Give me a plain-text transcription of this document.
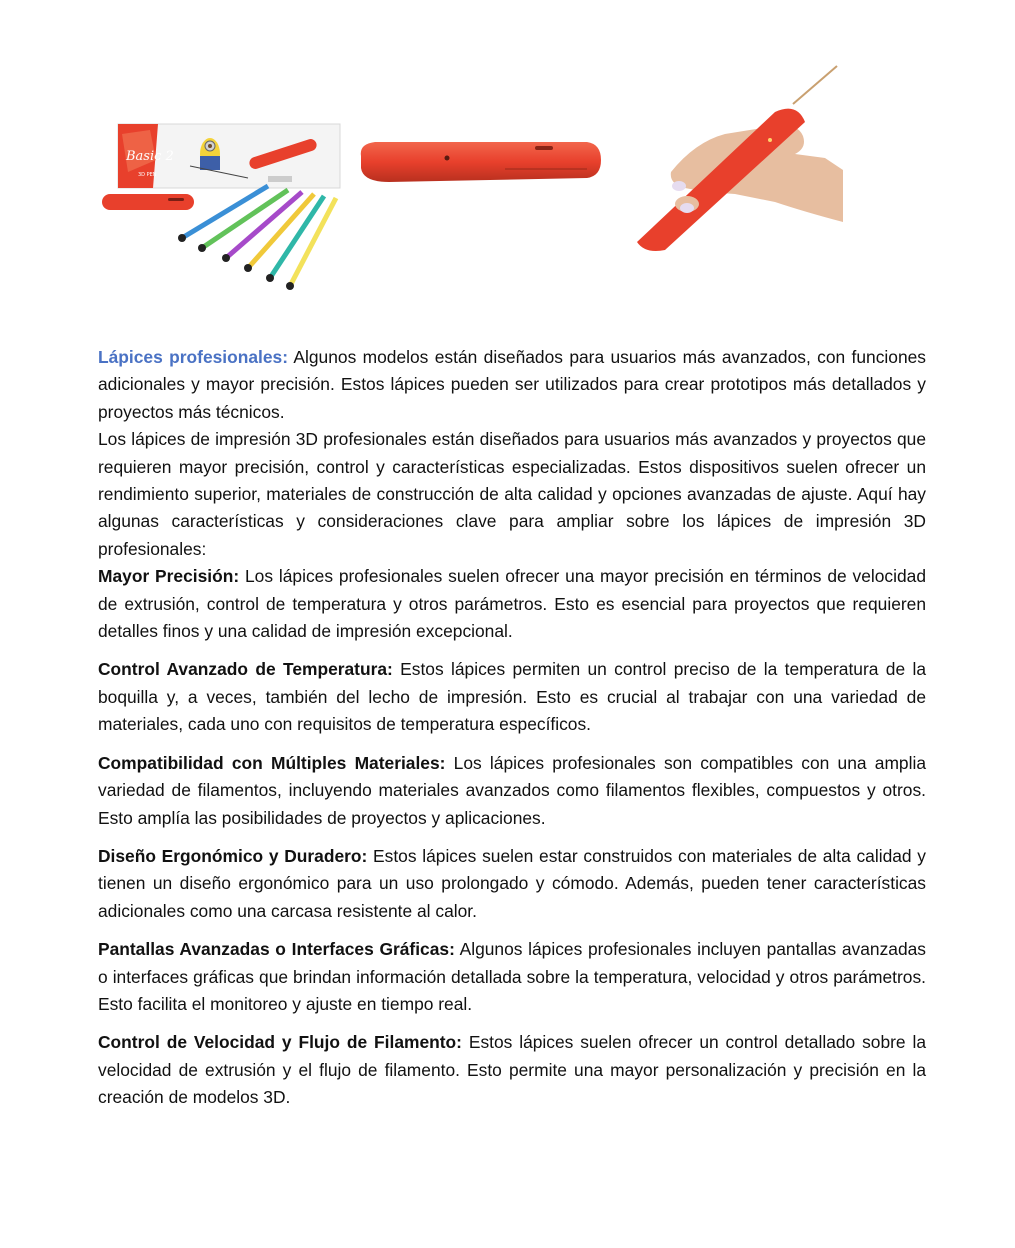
Basic 2
3D PEN

Lápices profesionales: Algunos modelos están diseñados para usuarios más avanzados, con funciones adicionales y mayor precisión. Estos lápices pueden ser utilizados para crear prototipos más detallados y proyectos más técnicos.

Los lápices de impresión 3D profesionales están diseñados para usuarios más avanzados y proyectos que requieren mayor precisión, control y características especializadas. Estos dispositivos suelen ofrecer un rendimiento superior, materiales de construcción de alta calidad y opciones avanzadas de ajuste. Aquí hay algunas características y consideraciones clave para ampliar sobre los lápices de impresión 3D profesionales:

Mayor Precisión: Los lápices profesionales suelen ofrecer una mayor precisión en términos de velocidad de extrusión, control de temperatura y otros parámetros. Esto es esencial para proyectos que requieren detalles finos y una calidad de impresión excepcional.

Control Avanzado de Temperatura: Estos lápices permiten un control preciso de la temperatura de la boquilla y, a veces, también del lecho de impresión. Esto es crucial al trabajar con una variedad de materiales, cada uno con requisitos de temperatura específicos.

Compatibilidad con Múltiples Materiales: Los lápices profesionales son compatibles con una amplia variedad de filamentos, incluyendo materiales avanzados como filamentos flexibles, compuestos y otros. Esto amplía las posibilidades de proyectos y aplicaciones.

Diseño Ergonómico y Duradero: Estos lápices suelen estar construidos con materiales de alta calidad y tienen un diseño ergonómico para un uso prolongado y cómodo. Además, pueden tener características adicionales como una carcasa resistente al calor.

Pantallas Avanzadas o Interfaces Gráficas: Algunos lápices profesionales incluyen pantallas avanzadas o interfaces gráficas que brindan información detallada sobre la temperatura, velocidad y otros parámetros. Esto facilita el monitoreo y ajuste en tiempo real.

Control de Velocidad y Flujo de Filamento: Estos lápices suelen ofrecer un control detallado sobre la velocidad de extrusión y el flujo de filamento. Esto permite una mayor personalización y precisión en la creación de modelos 3D.
